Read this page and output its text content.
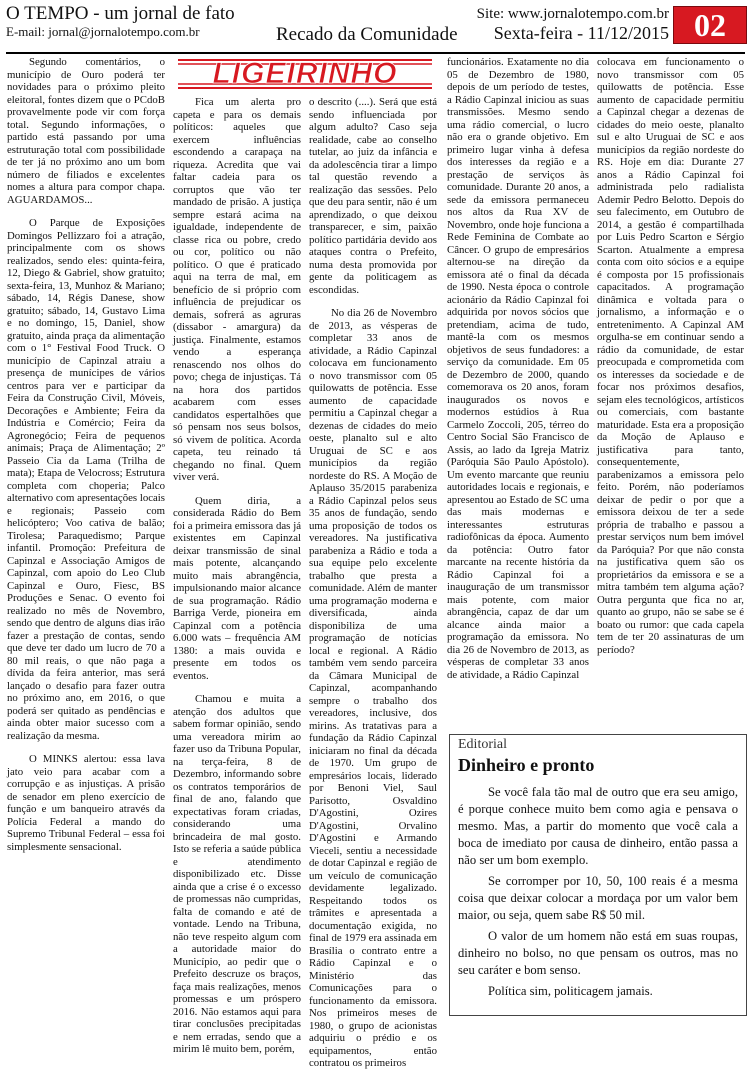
O TEMPO - um jornal de fato
E-mail: jornal@jornalotempo.com.br	Recado da Comunidade
Site: www.jornalotempo.com.br
Sexta-feira - 11/12/2015 02
LIGEIRINHO

Segundo comentários, o município de Ouro poderá ter novidades para o próximo pleito eleitoral, fontes dizem que o PCdoB provavelmente pode vir com força total. Segundo informações, o partido está passando por uma estruturação total com possibilidade de ter já no próximo ano um bom número de filiados e excelentes nomes a altura para compor chapa. AGUARDAMOS...

O Parque de Exposições Domingos Pellizzaro foi a atração, principalmente com os shows realizados, sendo eles: quinta-feira, 12, Diego & Gabriel, show gratuito; sexta-feira, 13, Munhoz & Mariano; sábado, 14, Régis Danese, show gratuito; sábado, 14, Gustavo Lima e no domingo, 15, Daniel, show gratuito, ainda praça da alimentação com o 1° Festival Food Truck. O município de Capinzal atraiu a presença de munícipes de vários centros para ver e participar da Feira da Construção Civil, Móveis, Decorações e Ambiente; Feira da Indústria e Comércio; Feira da Agronegócio; Feira de pequenos animais; Praça de Alimentação; 2º Passeio Cia da Lama (Trilha de mata); Etapa de Velocross; Estrutura completa com choperia; Palco alternativo com apresentações locais e regionais; Passeio com helicóptero; Voo cativa de balão; Tirolesa; Paraquedismo; Parque infantil. Promoção: Prefeitura de Capinzal e Associação Amigos de Capinzal, com apoio do Leo Club Capinzal e Ouro, Fiesc, BS Produções e Senac. O evento foi realizado no mês de Novembro, sendo que dentro de alguns dias irão fazer a prestação de contas, sendo que deve ter dado um lucro de 70 a 80 mil reais, o que não paga a dívida da feira anterior, mas será lançado o desafio para fazer outra no próximo ano, em 2016, o que poderá ser quitado as pendências e ainda obter maior sucesso com a realização da mesma.

O MINKS alertou: essa lava jato veio para acabar com a corrupção e as injustiças. A prisão de senador em pleno exercício de função e um banqueiro através da Polícia Federal a mando do Supremo Tribunal Federal – essa foi simplesmente sensacional.

Fica um alerta pro capeta e para os demais políticos: aqueles que exercem influências escondendo a carapaça na riqueza. Acredita que vai faltar cadeia para os corruptos que vão ter mandado de prisão. A justiça sempre estará acima na igualdade, independente de classe rica ou pobre, credo ou cor, político ou não político. O que é praticado aqui na terra de mal, em benefício de si próprio com influência de prejudicar os demais, sofrerá as agruras (dissabor - amargura) da justiça. Finalmente, estamos vendo a esperança renascendo nos olhos do povo; chega de injustiças. Tá na hora dos partidos acabarem com esses candidatos espertalhões que só pensam nos seus bolsos, só vivem de política. Acorda capeta, teu reinado tá chegando no final. Quem viver verá.

Quem diria, a considerada Rádio do Bem foi a primeira emissora das já existentes em Capinzal deixar transmissão de sinal mais potente, alcançando muito mais abrangência, impulsionando maior alcance de sua programação. Rádio Barriga Verde, pioneira em Capinzal com a potência 6.000 wats – frequência AM 1380: a mais ouvida e presente em todos os eventos.

Chamou e muita a atenção dos adultos que sabem formar opinião, sendo uma vereadora mirim ao fazer uso da Tribuna Popular, na terça-feira, 8 de Dezembro, informando sobre os contratos temporários de final de ano, falando que expectativas foram criadas, considerando uma brincadeira de mal gosto. Isto se referia a saúde pública e atendimento disponibilizado etc. Disse ainda que a crise é o excesso de promessas não cumpridas, falta de comando e até de vontade. Lendo na Tribuna, não teve respeito algum com a autoridade maior do Município, ao pedir que o Prefeito descruze os braços, faça mais realizações, menos promessas e um próspero 2016. Não estamos aqui para tirar conclusões precipitadas e nem erradas, sendo que a mirim lê muito bem, porém,

o descrito (....). Será que está sendo influenciada por algum adulto? Caso seja realidade, cabe ao conselho tutelar, ao juiz da infância e da adolescência tirar a limpo tal questão revendo a realização das sessões. Pelo que deu para sentir, não é um aprendizado, o que deixou transparecer, e sim, paixão político partidária devido aos ataques contra o Prefeito, numa desta promovida por gente da politicagem as escondidas.

No dia 26 de Novembro de 2013, as vésperas de completar 33 anos de atividade, a Rádio Capinzal colocava em funcionamento o novo transmissor com 05 quilowatts de potência. Esse aumento de capacidade permitiu a Capinzal chegar a dezenas de cidades do meio oeste, planalto sul e alto Uruguai de SC e aos municípios da região nordeste do RS. A Moção de Aplauso 35/2015 parabeniza a Rádio Capinzal pelos seus 35 anos de fundação, sendo uma proposição de todos os vereadores. Na justificativa parabeniza a Rádio e toda a sua equipe pelo excelente trabalho que presta a comunidade. Além de manter uma programação moderna e diversificada, ainda disponibiliza de uma programação de notícias local e regional. A Rádio também vem sendo parceira da Câmara Municipal de Capinzal, acompanhando sempre o trabalho dos vereadores, inclusive, dos mirins. As tratativas para a fundação da Rádio Capinzal iniciaram no final da década de 1970. Um grupo de empresários locais, liderado por Benoni Viel, Saul Parisotto, Osvaldino D'Agostini, Ozires D'Agostini, Orvalino D'Agostini e Armando Vieceli, sentiu a necessidade de dotar Capinzal e região de um veículo de comunicação devidamente legalizado. Respeitando todos os trâmites e apresentada a documentação exigida, no final de 1979 era assinada em Brasília o contrato entre a Rádio Capinzal e o Ministério das Comunicações para o funcionamento da emissora. Nos primeiros meses de 1980, o grupo de acionistas adquiriu o prédio e os equipamentos, então contratou os primeiros

funcionários. Exatamente no dia 05 de Dezembro de 1980, depois de um período de testes, a Rádio Capinzal iniciou as suas transmissões. Mesmo sendo uma rádio comercial, o lucro não era o grande objetivo. Em primeiro lugar vinha à defesa dos interesses da região e a prestação de serviços às comunidade. Durante 20 anos, a sede da emissora permaneceu nos altos da Rua XV de Novembro, onde hoje funciona a Rede Feminina de Combate ao Câncer. O grupo de empresários alternou-se na direção da emissora até o final da década de 1990. Nesta época o controle acionário da Rádio Capinzal foi adquirida por novos sócios que pretendiam, acima de tudo, mantê-la com os mesmos objetivos de seus fundadores: a serviço da comunidade. Em 05 de Dezembro de 2000, quando comemorava os 20 anos, foram inaugurados os novos e modernos estúdios à Rua Carmelo Zoccoli, 205, térreo do Centro Social São Francisco de Assis, ao lado da Igreja Matriz (Paróquia São Paulo Apóstolo). Um evento marcante que reuniu autoridades locais e regionais, e apresentou ao Estado de SC uma das mais modernas e interessantes estruturas radiofônicas da época. Aumento da potência: Outro fator marcante na recente história da Rádio Capinzal foi a inauguração de um transmissor mais potente, com maior abrangência, capaz de dar um alcance ainda maior a programação da emissora. No dia 26 de Novembro de 2013, as vésperas de completar 33 anos de atividade, a Rádio Capinzal

colocava em funcionamento o novo transmissor com 05 quilowatts de potência. Esse aumento de capacidade permitiu a Capinzal chegar a dezenas de cidades do meio oeste, planalto sul e alto Uruguai de SC e aos municípios da região nordeste do RS. Hoje em dia: Durante 27 anos a Rádio Capinzal foi administrada pelo radialista Ademir Pedro Belotto. Depois do seu falecimento, em Outubro de 2014, a gestão é compartilhada por Luis Pedro Scarton e Sérgio Scarton. Atualmente a empresa conta com oito sócios e a equipe é composta por 15 profissionais capacitados. A programação dinâmica e voltada para o jornalismo, a informação e o entretenimento. A Capinzal AM orgulha-se em continuar sendo a rádio da comunidade, de estar preocupada e comprometida com os interesses da sociedade e de focar nos próximos desafios, sejam eles tecnológicos, artísticos ou comerciais, com bastante maturidade. Esta era a proposição da Moção de Aplauso e justificativa para tanto, consequentemente, parabenizamos a emissora pelo feito. Porém, não poderíamos deixar de pedir o por que a emissora deixou de ter a sede própria de trabalho e passou a prestar serviços num bem imóvel da Paróquia? Por que não consta na justificativa quem são os proprietários da emissora e se a mitra também tem alguma ação? Outra pergunta que fica no ar, quanto ao grupo, não se sabe se é boato ou rumor: que cada capela tem de ter 20 assinaturas de um período?

Editorial
Dinheiro e pronto

Se você fala tão mal de outro que era seu amigo, é porque conhece muito bem como agia e pensava o mesmo. Mas, a partir do momento que você cala a boca de imediato por causa de dinheiro, então passa a não ser um bom exemplo.

Se corromper por 10, 50, 100 reais é a mesma coisa que deixar colocar a mordaça por um valor bem maior, ou seja, quem sabe R$ 50 mil.

O valor de um homem não está em suas roupas, dinheiro no bolso, no que pensam os outros, mas no seu caráter e bom senso.

Política sim, politicagem jamais.
